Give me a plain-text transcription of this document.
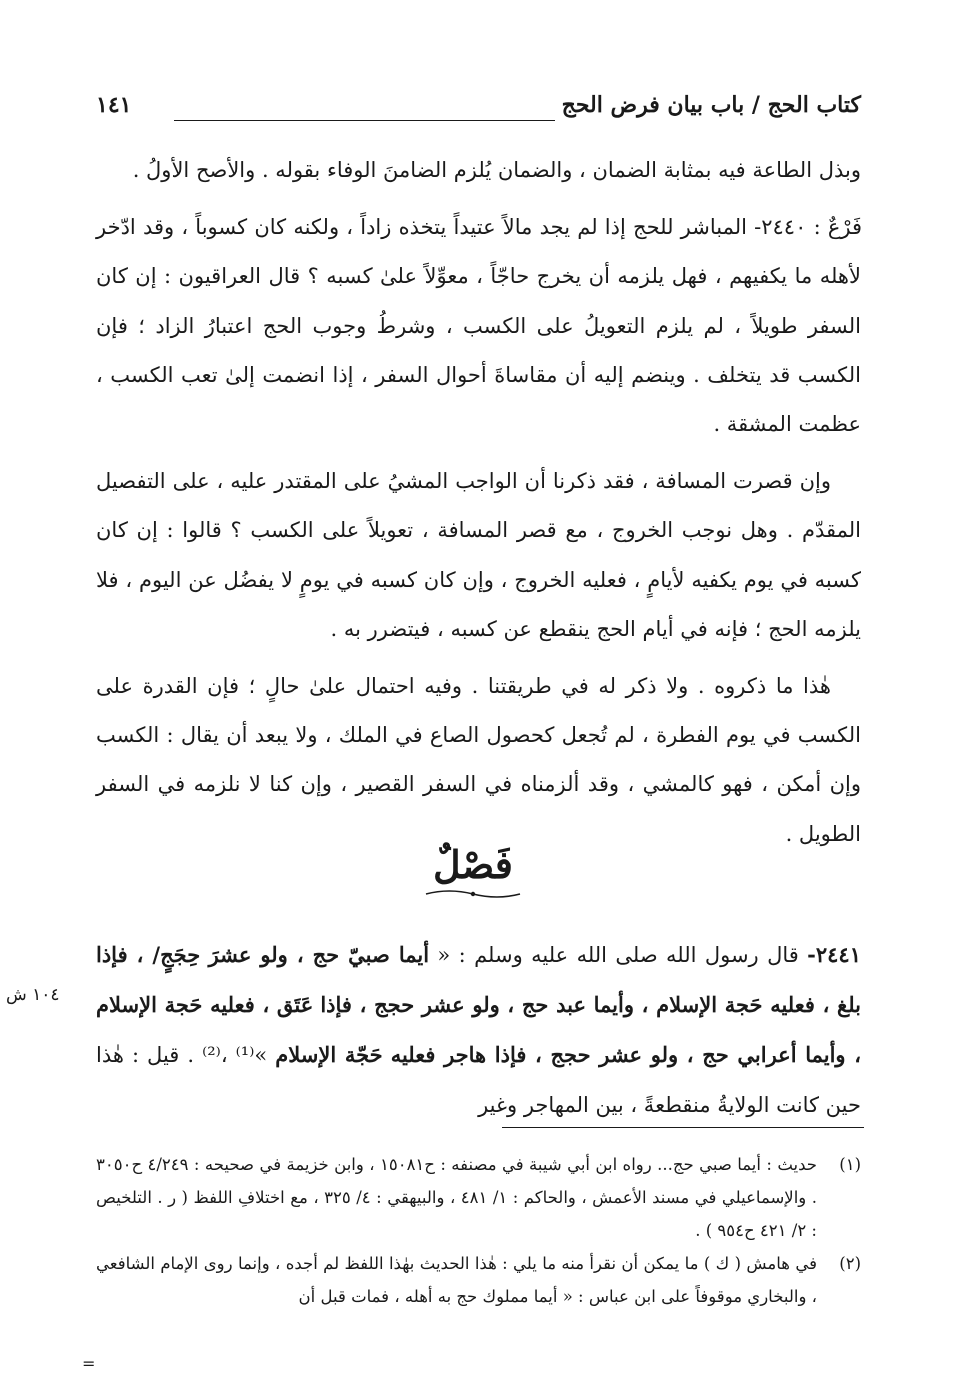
كتاب الحج / باب بيان فرض الحج
١٤١

وبذل الطاعة فيه بمثابة الضمان ، والضمان يُلزم الضامنَ الوفاء بقوله . والأصح الأولُ .

فَرْعٌ : ٢٤٤٠- المباشر للحج إذا لم يجد مالاً عتيداً يتخذه زاداً ، ولكنه كان كسوباً ، وقد ادّخر لأهله ما يكفيهم ، فهل يلزمه أن يخرج حاجّاً ، معوِّلاً علىٰ كسبه ؟ قال العراقيون : إن كان السفر طويلاً ، لم يلزم التعويلُ على الكسب ، وشرطُ وجوب الحج اعتبارُ الزاد ؛ فإن الكسب قد يتخلف . وينضم إليه أن مقاساةَ أحوال السفر ، إذا انضمت إلىٰ تعب الكسب ، عظمت المشقة .

وإن قصرت المسافة ، فقد ذكرنا أن الواجب المشيُ على المقتدر عليه ، على التفصيل المقدّم . وهل نوجب الخروج ، مع قصر المسافة ، تعويلاً على الكسب ؟ قالوا : إن كان كسبه في يوم يكفيه لأيامٍ ، فعليه الخروج ، وإن كان كسبه في يومٍ لا يفضُل عن اليوم ، فلا يلزمه الحج ؛ فإنه في أيام الحج ينقطع عن كسبه ، فيتضرر به .

هٰذا ما ذكروه . ولا ذكر له في طريقتنا . وفيه احتمال علىٰ حالٍ ؛ فإن القدرة على الكسب في يوم الفطرة ، لم تُجعل كحصول الصاع في الملك ، ولا يبعد أن يقال : الكسب وإن أمكن ، فهو كالمشي ، وقد ألزمناه في السفر القصير ، وإن كنا لا نلزمه في السفر الطويل .

فَصْلٌ
٢٤٤١- قال رسول الله صلى الله عليه وسلم : « أيما صبيّ حج ، ولو عشرَ حِجَجٍ/ ، فإذا بلغ ، فعليه حَجة الإسلام ، وأيما عبد حج ، ولو عشر حجج ، فإذا عَتَق ، فعليه حَجة الإسلام ، وأيما أعرابي حج ، ولو عشر حجج ، فإذا هاجر فعليه حَجّة الإسلام »⁽¹⁾ ،⁽²⁾ . قيل : هٰذا حين كانت الولايةُ منقطعةً ، بين المهاجر وغير
١٠٤ ش
(١)
حديث : أيما صبي حج... رواه ابن أبي شيبة في مصنفه : ح١٥٠٨١ ، وابن خزيمة في صحيحه : ٤/٢٤٩ ح٣٠٥٠ . والإسماعيلي في مسند الأعمش ، والحاكم : ١/ ٤٨١ ، والبيهقي : ٤/ ٣٢٥ ، مع اختلافِ اللفظ ( ر . التلخيص : ٢/ ٤٢١ ح٩٥٤ ) .
(٢)
في هامش ( ك ) ما يمكن أن نقرأ منه ما يلي : هٰذا الحديث بهٰذا اللفظ لم أجده ، وإنما روى الإمام الشافعي ، والبخاري موقوفاً على ابن عباس : « أيما مملوك حج به أهله ، فمات قبل أن
=
